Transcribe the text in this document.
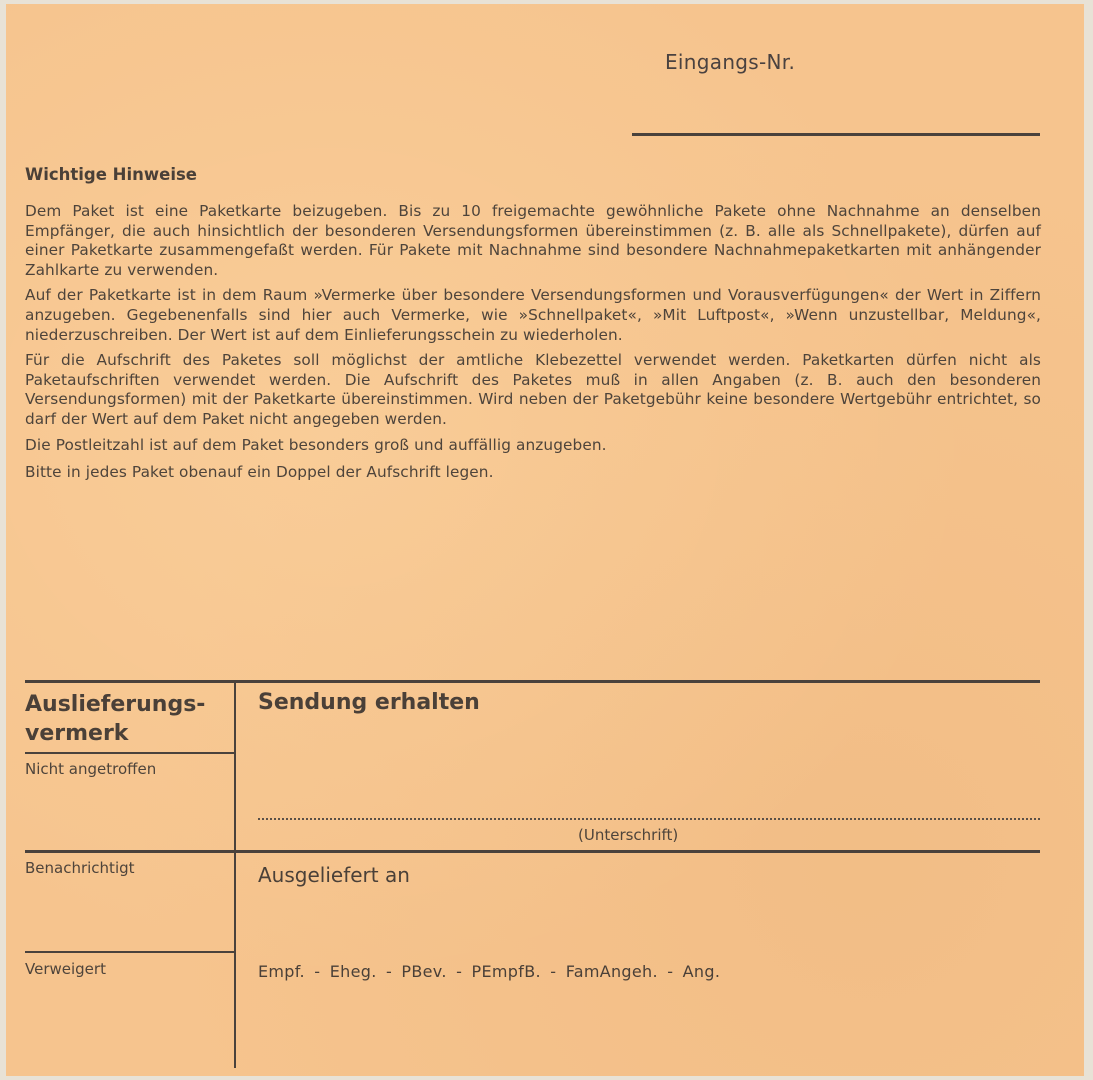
Eingangs-Nr.
Wichtige Hinweise

Dem Paket ist eine Paketkarte beizugeben. Bis zu 10 freigemachte gewöhnliche Pakete ohne Nachnahme an denselben Empfänger, die auch hinsichtlich der besonderen Versendungsformen übereinstimmen (z. B. alle als Schnellpakete), dürfen auf einer Paketkarte zusammengefaßt werden. Für Pakete mit Nachnahme sind besondere Nachnahmepaketkarten mit anhängender Zahlkarte zu verwenden.

Auf der Paketkarte ist in dem Raum »Vermerke über besondere Versendungsformen und Vorausverfügungen« der Wert in Ziffern anzugeben. Gegebenenfalls sind hier auch Vermerke, wie »Schnellpaket«, »Mit Luftpost«, »Wenn unzustellbar, Meldung«, niederzuschreiben. Der Wert ist auf dem Einlieferungsschein zu wiederholen.

Für die Aufschrift des Paketes soll möglichst der amtliche Klebezettel verwendet werden. Paketkarten dürfen nicht als Paketaufschriften verwendet werden. Die Aufschrift des Paketes muß in allen Angaben (z. B. auch den besonderen Versendungsformen) mit der Paketkarte übereinstimmen. Wird neben der Paketgebühr keine besondere Wertgebühr entrichtet, so darf der Wert auf dem Paket nicht angegeben werden.

Die Postleitzahl ist auf dem Paket besonders groß und auffällig anzugeben.

Bitte in jedes Paket obenauf ein Doppel der Aufschrift legen.

Auslieferungs-
vermerk
Nicht angetroffen
Benachrichtigt
Verweigert
Sendung erhalten
(Unterschrift)
Ausgeliefert an
Empf. - Eheg. - PBev. - PEmpfB. - FamAngeh. - Ang.
